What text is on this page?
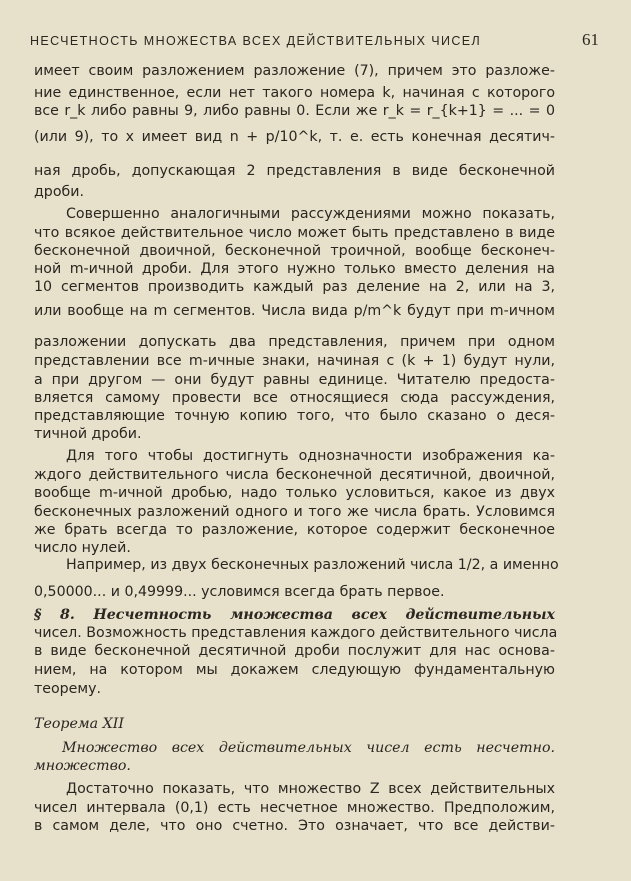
НЕСЧЕТНОСТЬ МНОЖЕСТВА ВСЕХ ДЕЙСТВИТЕЛЬНЫХ ЧИСЕЛ	61
имеет своим разложением разложение (7), причем это разложе-
ние единственное, если нет такого номера k, начиная с которого
все r_k либо равны 9, либо равны 0. Если же r_k = r_{k+1} = ... = 0
(или 9), то x имеет вид n + p/10^k, т. е. есть конечная десятич-
ная дробь, допускающая 2 представления в виде бесконечной
дроби.
Совершенно аналогичными рассуждениями можно показать,
что всякое действительное число может быть представлено в виде
бесконечной двоичной, бесконечной троичной, вообще бесконеч-
ной m-ичной дроби. Для этого нужно только вместо деления на
10 сегментов производить каждый раз деление на 2, или на 3,
или вообще на m сегментов. Числа вида p/m^k будут при m-ичном
разложении допускать два представления, причем при одном
представлении все m-ичные знаки, начиная с (k + 1) будут нули,
а при другом — они будут равны единице. Читателю предоста-
вляется самому провести все относящиеся сюда рассуждения,
представляющие точную копию того, что было сказано о деся-
тичной дроби.
Для того чтобы достигнуть однозначности изображения ка-
ждого действительного числа бесконечной десятичной, двоичной,
вообще m-ичной дробью, надо только условиться, какое из двух
бесконечных разложений одного и того же числа брать. Условимся
же брать всегда то разложение, которое содержит бесконечное
число нулей.
Например, из двух бесконечных разложений числа 1/2, а именно
0,50000... и 0,49999... условимся всегда брать первое.
§ 8. Несчетность множества всех действительных
чисел. Возможность представления каждого действительного числа
в виде бесконечной десятичной дроби послужит для нас основа-
нием, на котором мы докажем следующую фундаментальную
теорему.
Теорема XII
Множество всех действительных чисел есть несчетно.
множество.
Достаточно показать, что множество Z всех действительных
чисел интервала (0,1) есть несчетное множество. Предположим,
в самом деле, что оно счетно. Это означает, что все действи-
